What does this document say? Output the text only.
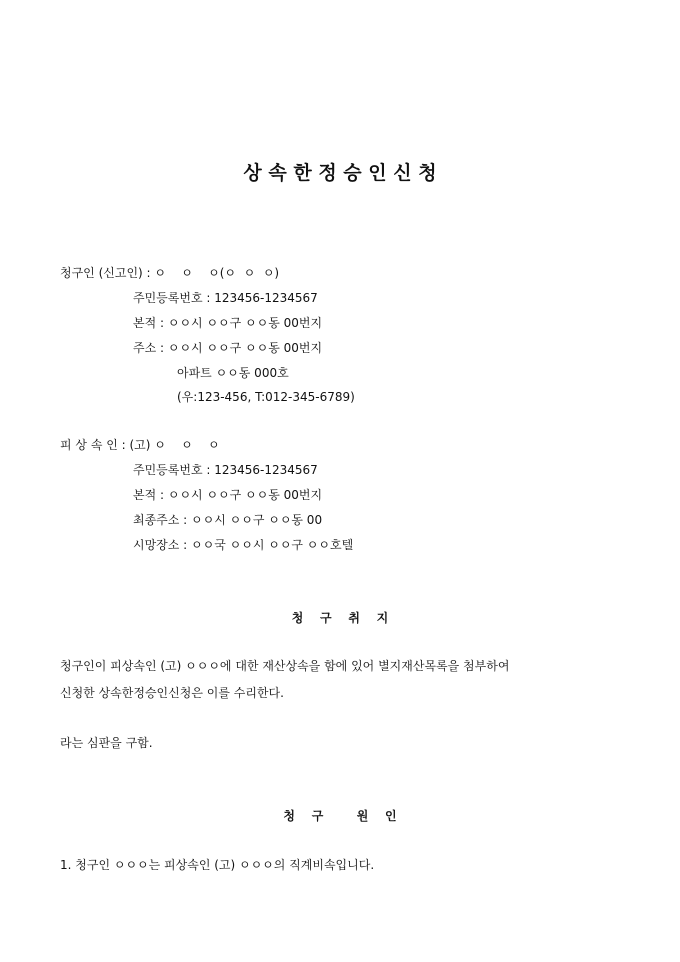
상 속 한 정 승 인 신 청
청구인 (신고인) : ㅇ    ㅇ    ㅇ(ㅇ  ㅇ  ㅇ)
주민등록번호 : 123456-1234567
본적 : ㅇㅇ시 ㅇㅇ구 ㅇㅇ동 00번지
주소 : ㅇㅇ시 ㅇㅇ구 ㅇㅇ동 00번지
아파트 ㅇㅇ동 000호
(우:123-456, T:012-345-6789)
피 상 속 인 : (고) ㅇ    ㅇ    ㅇ
주민등록번호 : 123456-1234567
본적 : ㅇㅇ시 ㅇㅇ구 ㅇㅇ동 00번지
최종주소 : ㅇㅇ시 ㅇㅇ구 ㅇㅇ동 00
시망장소 : ㅇㅇ국 ㅇㅇ시 ㅇㅇ구 ㅇㅇ호텔
청    구    취    지
청구인이 피상속인 (고) ㅇㅇㅇ에 대한 재산상속을 함에 있어 별지재산목록을 첨부하여
신청한 상속한정승인신청은 이를 수리한다.
라는 심판을 구함.
청    구        원    인
1. 청구인 ㅇㅇㅇ는 피상속인 (고) ㅇㅇㅇ의 직계비속입니다.
